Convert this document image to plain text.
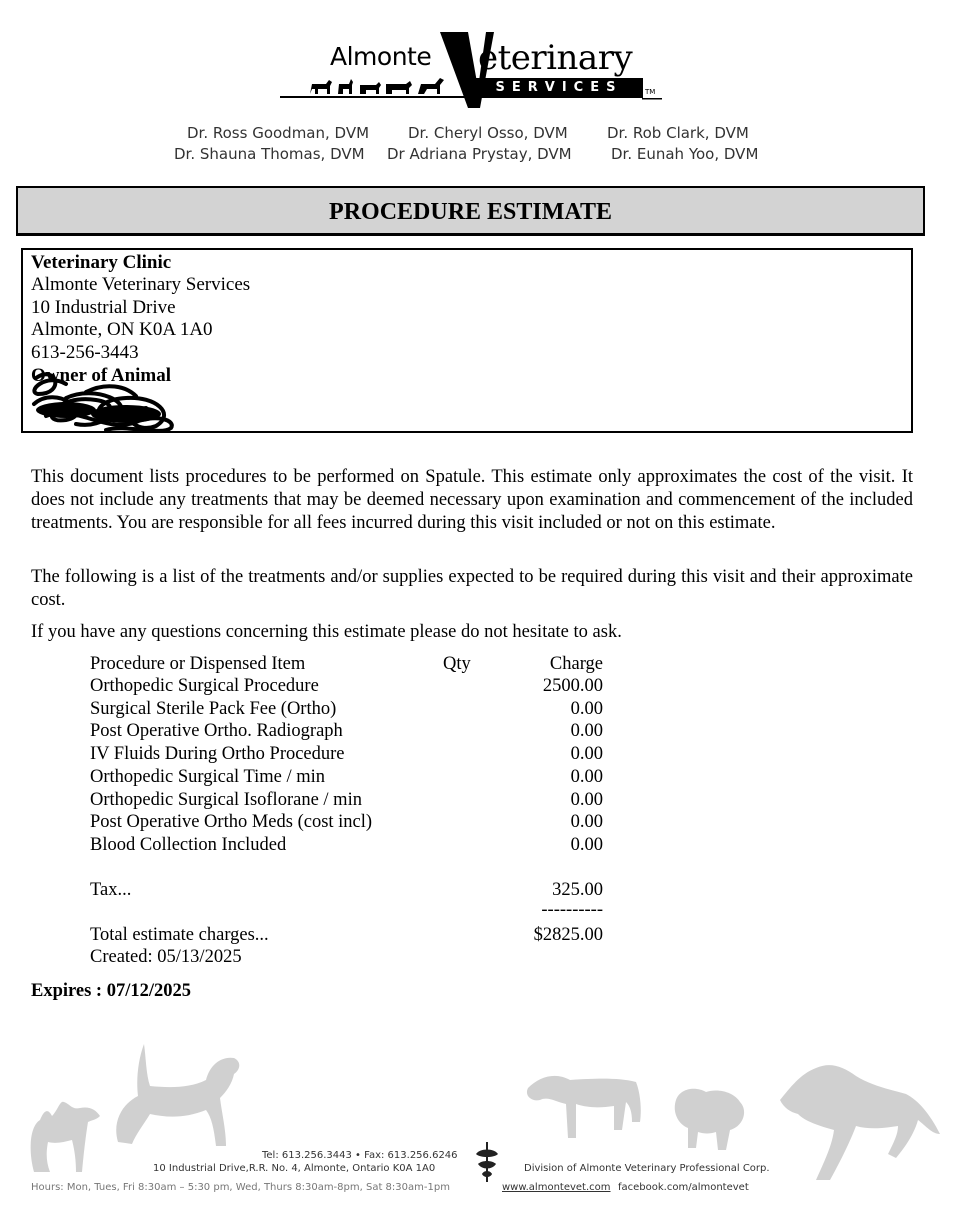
Almonte eterinary
SERVICES	TM
Dr. Ross Goodman, DVM	Dr. Cheryl Osso, DVM	Dr. Rob Clark, DVM
Dr. Shauna Thomas, DVM Dr Adriana Prystay, DVM	Dr. Eunah Yoo, DVM
PROCEDURE ESTIMATE
Veterinary Clinic
Almonte Veterinary Services
10 Industrial Drive
Almonte, ON K0A 1A0
613-256-3443
Owner of Animal
This document lists procedures to be performed on Spatule. This estimate only approximates the cost of the visit. It does not include any treatments that may be deemed necessary upon examination and commencement of the included treatments. You are responsible for all fees incurred during this visit included or not on this estimate.
The following is a list of the treatments and/or supplies expected to be required during this visit and their approximate cost.
If you have any questions concerning this estimate please do not hesitate to ask.
Procedure or Dispensed Item	Qty	Charge
Orthopedic Surgical Procedure	2500.00
Surgical Sterile Pack Fee (Ortho)	0.00
Post Operative Ortho. Radiograph	0.00
IV Fluids During Ortho Procedure	0.00
Orthopedic Surgical Time / min	0.00
Orthopedic Surgical Isoflorane / min	0.00
Post Operative Ortho Meds (cost incl)	0.00
Blood Collection Included	0.00
Tax...	325.00
----------
Total estimate charges...	$2825.00
Created: 05/13/2025
Expires : 07/12/2025
Tel: 613.256.3443 • Fax: 613.256.6246
10 Industrial Drive,R.R. No. 4, Almonte, Ontario K0A 1A0
Hours: Mon, Tues, Fri 8:30am – 5:30 pm, Wed, Thurs 8:30am-8pm, Sat 8:30am-1pm
Division of Almonte Veterinary Professional Corp.
www.almontevet.com facebook.com/almontevet
